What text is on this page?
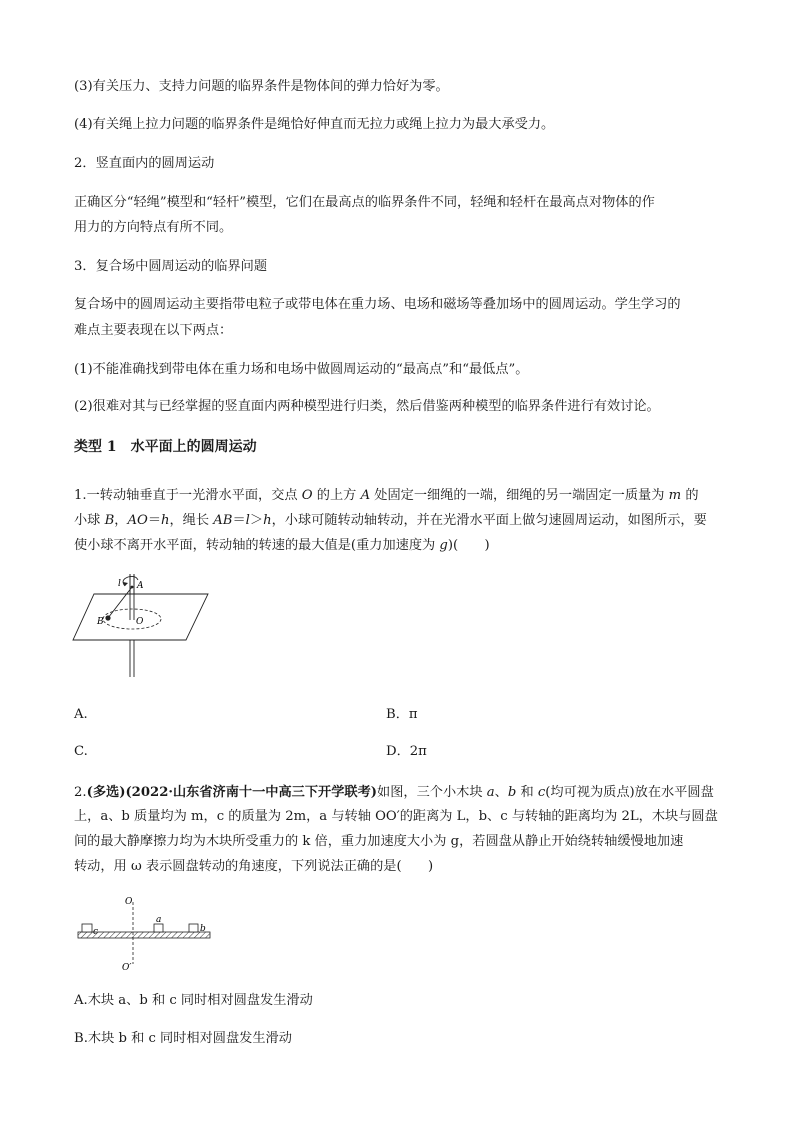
(3)有关压力、支持力问题的临界条件是物体间的弹力恰好为零。
(4)有关绳上拉力问题的临界条件是绳恰好伸直而无拉力或绳上拉力为最大承受力。
2．竖直面内的圆周运动
正确区分“轻绳”模型和“轻杆”模型，它们在最高点的临界条件不同，轻绳和轻杆在最高点对物体的作
用力的方向特点有所不同。
3．复合场中圆周运动的临界问题
复合场中的圆周运动主要指带电粒子或带电体在重力场、电场和磁场等叠加场中的圆周运动。学生学习的
难点主要表现在以下两点：
(1)不能准确找到带电体在重力场和电场中做圆周运动的“最高点”和“最低点”。
(2)很难对其与已经掌握的竖直面内两种模型进行归类，然后借鉴两种模型的临界条件进行有效讨论。
类型 1　水平面上的圆周运动
1.一转动轴垂直于一光滑水平面，交点 O 的上方 A 处固定一细绳的一端，细绳的另一端固定一质量为 m 的
小球 B，AO＝h，绳长 AB＝l＞h，小球可随转动轴转动，并在光滑水平面上做匀速圆周运动，如图所示，要
使小球不离开水平面，转动轴的转速的最大值是(重力加速度为 g)(　　)
l A
B	O
A.	B．π
C.	D．2π
2.(多选)(2022·山东省济南十一中高三下开学联考)如图，三个小木块 a、b 和 c(均可视为质点)放在水平圆盘
上，a、b 质量均为 m，c 的质量为 2m，a 与转轴 OO′的距离为 L，b、c 与转轴的距离均为 2L，木块与圆盘
间的最大静摩擦力均为木块所受重力的 k 倍，重力加速度大小为 g，若圆盘从静止开始绕转轴缓慢地加速
转动，用 ω 表示圆盘转动的角速度，下列说法正确的是(　　)
O
O′
a
b
c
A.木块 a、b 和 c 同时相对圆盘发生滑动
B.木块 b 和 c 同时相对圆盘发生滑动
